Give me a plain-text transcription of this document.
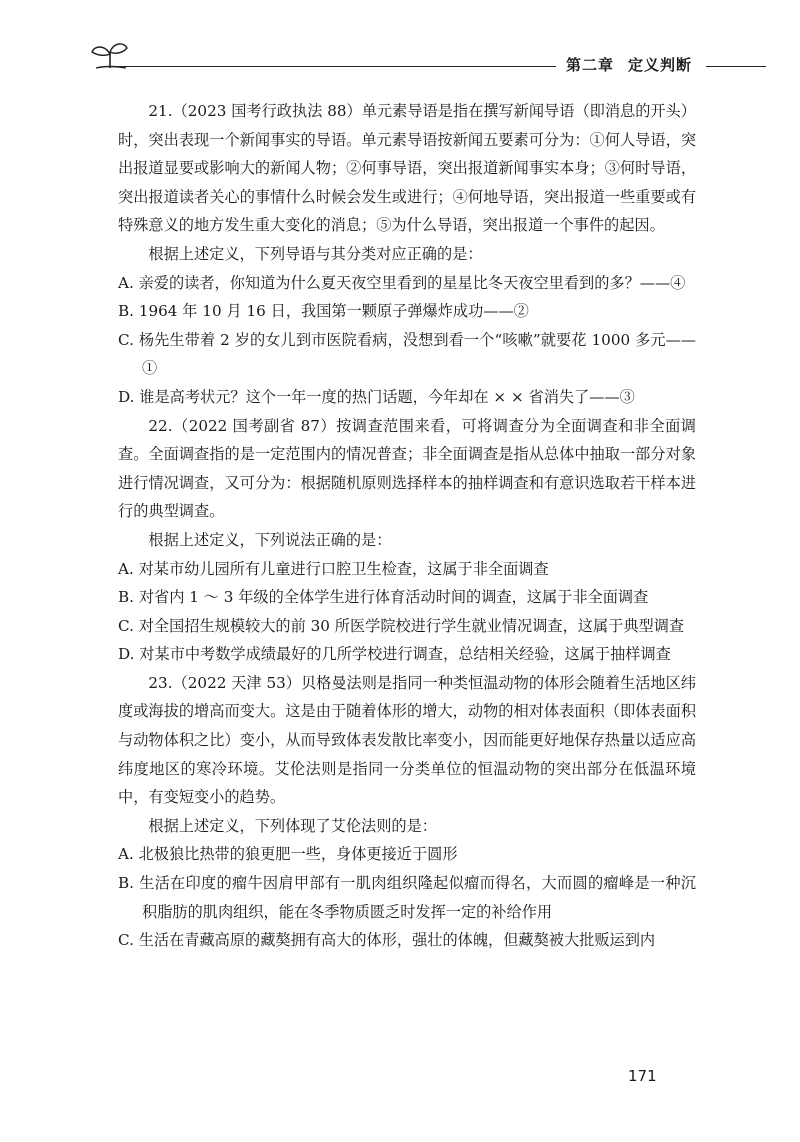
第二章 定义判断

21.（2023 国考行政执法 88）单元素导语是指在撰写新闻导语（即消息的开头）时，突出表现一个新闻事实的导语。单元素导语按新闻五要素可分为：①何人导语，突出报道显要或影响大的新闻人物；②何事导语，突出报道新闻事实本身；③何时导语，突出报道读者关心的事情什么时候会发生或进行；④何地导语，突出报道一些重要或有特殊意义的地方发生重大变化的消息；⑤为什么导语，突出报道一个事件的起因。

根据上述定义，下列导语与其分类对应正确的是：

A. 亲爱的读者，你知道为什么夏天夜空里看到的星星比冬天夜空里看到的多？——④

B. 1964 年 10 月 16 日，我国第一颗原子弹爆炸成功——②

C. 杨先生带着 2 岁的女儿到市医院看病，没想到看一个“咳嗽”就要花 1000 多元——①

D. 谁是高考状元？这个一年一度的热门话题，今年却在 × × 省消失了——③

22.（2022 国考副省 87）按调查范围来看，可将调查分为全面调查和非全面调查。全面调查指的是一定范围内的情况普查；非全面调查是指从总体中抽取一部分对象进行情况调查，又可分为：根据随机原则选择样本的抽样调查和有意识选取若干样本进行的典型调查。

根据上述定义，下列说法正确的是：

A. 对某市幼儿园所有儿童进行口腔卫生检查，这属于非全面调查

B. 对省内 1 ～ 3 年级的全体学生进行体育活动时间的调查，这属于非全面调查

C. 对全国招生规模较大的前 30 所医学院校进行学生就业情况调查，这属于典型调查

D. 对某市中考数学成绩最好的几所学校进行调查，总结相关经验，这属于抽样调查

23.（2022 天津 53）贝格曼法则是指同一种类恒温动物的体形会随着生活地区纬度或海拔的增高而变大。这是由于随着体形的增大，动物的相对体表面积（即体表面积与动物体积之比）变小，从而导致体表发散比率变小，因而能更好地保存热量以适应高纬度地区的寒冷环境。艾伦法则是指同一分类单位的恒温动物的突出部分在低温环境中，有变短变小的趋势。

根据上述定义，下列体现了艾伦法则的是：

A. 北极狼比热带的狼更肥一些，身体更接近于圆形

B. 生活在印度的瘤牛因肩甲部有一肌肉组织隆起似瘤而得名，大而圆的瘤峰是一种沉积脂肪的肌肉组织，能在冬季物质匮乏时发挥一定的补给作用

C. 生活在青藏高原的藏獒拥有高大的体形，强壮的体魄，但藏獒被大批贩运到内

171
